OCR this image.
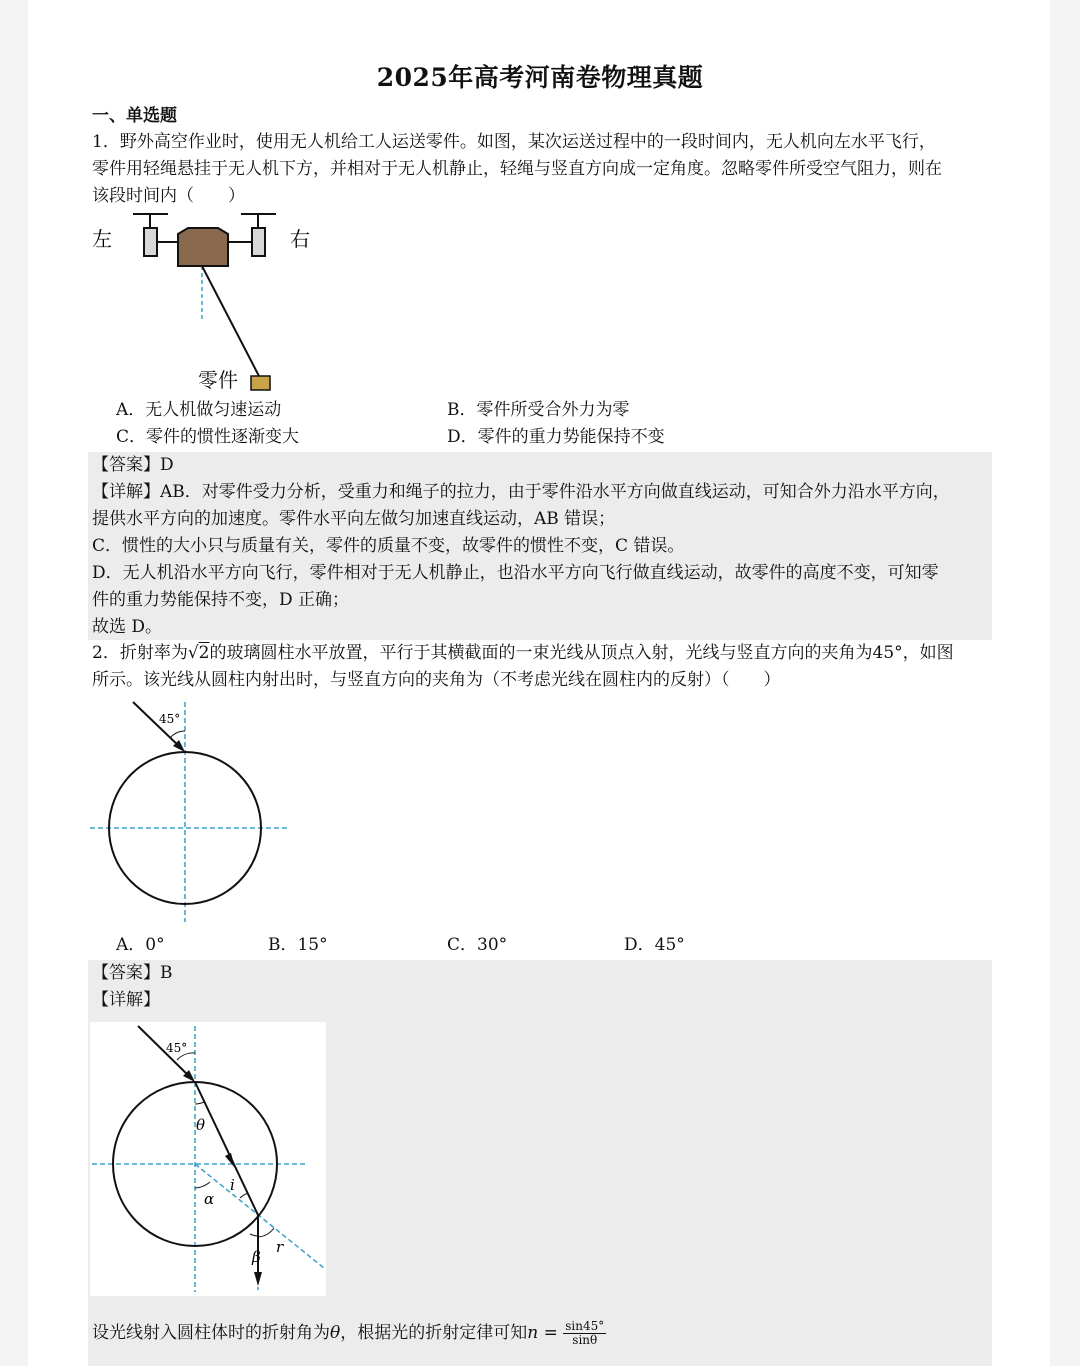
2025年高考河南卷物理真题
一、单选题
1．野外高空作业时，使用无人机给工人运送零件。如图，某次运送过程中的一段时间内，无人机向左水平飞行，
零件用轻绳悬挂于无人机下方，并相对于无人机静止，轻绳与竖直方向成一定角度。忽略零件所受空气阻力，则在
该段时间内（　　）
左	右
零件
A．无人机做匀速运动	B．零件所受合外力为零
C．零件的惯性逐渐变大	D．零件的重力势能保持不变
【答案】D
【详解】AB．对零件受力分析，受重力和绳子的拉力，由于零件沿水平方向做直线运动，可知合外力沿水平方向，
提供水平方向的加速度。零件水平向左做匀加速直线运动，AB 错误；
C．惯性的大小只与质量有关，零件的质量不变，故零件的惯性不变，C 错误。
D．无人机沿水平方向飞行，零件相对于无人机静止，也沿水平方向飞行做直线运动，故零件的高度不变，可知零
件的重力势能保持不变，D 正确；
故选 D。
2．折射率为√2的玻璃圆柱水平放置，平行于其横截面的一束光线从顶点入射，光线与竖直方向的夹角为45°，如图
所示。该光线从圆柱内射出时，与竖直方向的夹角为（不考虑光线在圆柱内的反射）（　　）
45°
A．0°	B．15°	C．30°	D．45°
【答案】B
【详解】
45°
θ
α
i
β
r
设光线射入圆柱体时的折射角为θ，根据光的折射定律可知$n = \frac{\sin 45^\circ}{\sin\theta}$
